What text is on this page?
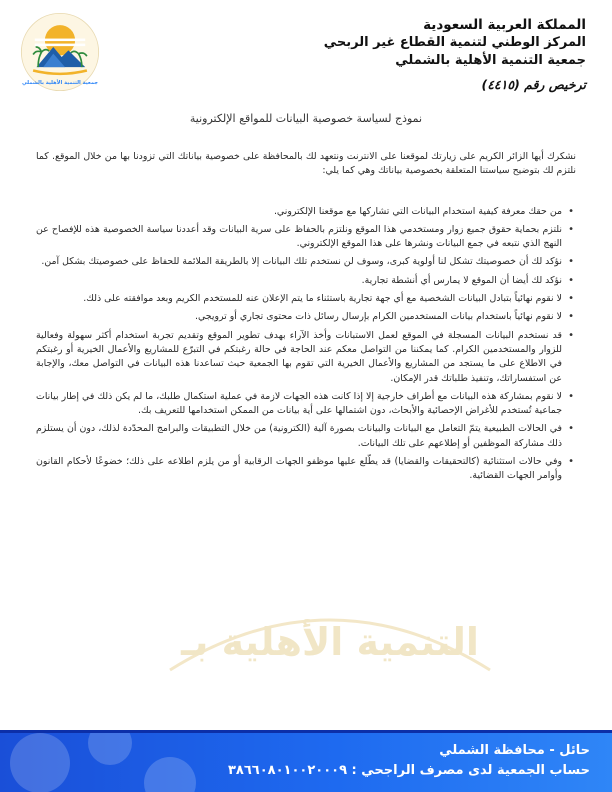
جمعية التنمية الأهلية بالشملي
المملكة العربية السعودية
المركز الوطني لتنمية القطاع غير الربحي
جمعية التنمية الأهلية بالشملي
ترخيص رقم (٤٤١٥)
نموذج لسياسة خصوصية البيانات للمواقع الإلكترونية
التنمية الأهلية بـ

نشكرك أيها الزائر الكريم على زيارتك لموقعنا على الانترنت ونتعهد لك بالمحافظة على خصوصية بياناتك التي تزودنا بها من خلال الموقع. كما نلتزم لك بتوضيح سياستنا المتعلقة بخصوصية بياناتك وهي كما يلي:

• من حقك معرفة كيفية استخدام البيانات التي تشاركها مع موقعنا الإلكتروني.
• نلتزم بحماية حقوق جميع زوار ومستخدمي هذا الموقع ونلتزم بالحفاظ على سرية البيانات وقد أعددنا سياسة الخصوصية هذه للإفصاح عن النهج الذي نتبعه في جمع البيانات ونشرها على هذا الموقع الإلكتروني.
• نؤكد لك أن خصوصيتك تشكل لنا أولوية كبرى، وسوف لن نستخدم تلك البيانات إلا بالطريقة الملائمة للحفاظ على خصوصيتك بشكل آمن.
• نؤكد لك أيضا أن الموقع لا يمارس أي أنشطة تجارية.
• لا نقوم نهائياً بتبادل البيانات الشخصية مع أي جهة تجارية باستثناء ما يتم الإعلان عنه للمستخدم الكريم وبعد موافقته على ذلك.
• لا نقوم نهائياً باستخدام بيانات المستخدمين الكرام بإرسال رسائل ذات محتوى تجاري أو ترويجي.
• قد نستخدم البيانات المسجلة في الموقع لعمل الاستبانات وأخذ الآراء بهدف تطوير الموقع وتقديم تجربة استخدام أكثر سهولة وفعالية للزوار والمستخدمين الكرام. كما يمكننا من التواصل معكم عند الحاجة في حالة رغبتكم في التبرّع للمشاريع والأعمال الخيرية أو رغبتكم في الاطلاع على ما يستجد من المشاريع والأعمال الخيرية التي تقوم بها الجمعية حيث تساعدنا هذه البيانات في التواصل معك، والإجابة عن استفساراتك، وتنفيذ طلباتك قدر الإمكان.
• لا نقوم بمشاركة هذه البيانات مع أطراف خارجية إلا إذا كانت هذه الجهات لازمة في عملية استكمال طلبك، ما لم يكن ذلك في إطار بيانات جماعية تُستخدم للأغراض الإحصائية والأبحاث، دون اشتمالها على أية بيانات من الممكن استخدامها للتعريف بك.
• في الحالات الطبيعية يتمّ التعامل مع البيانات والبيانات بصورة آلية (الكترونية) من خلال التطبيقات والبرامج المحدّدة لذلك، دون أن يستلزم ذلك مشاركة الموظفين أو إطلاعهم على تلك البيانات.
• وفي حالات استثنائية (كالتحقيقات والقضايا) قد يطّلع عليها موظفو الجهات الرقابية أو من يلزم اطلاعه على ذلك؛ خضوعًا لأحكام القانون وأوامر الجهات القضائية.
حائل - محافظة الشملي
حساب الجمعية لدى مصرف الراجحي : ٣٨٦٦٠٨٠١٠٠٢٠٠٠٩
